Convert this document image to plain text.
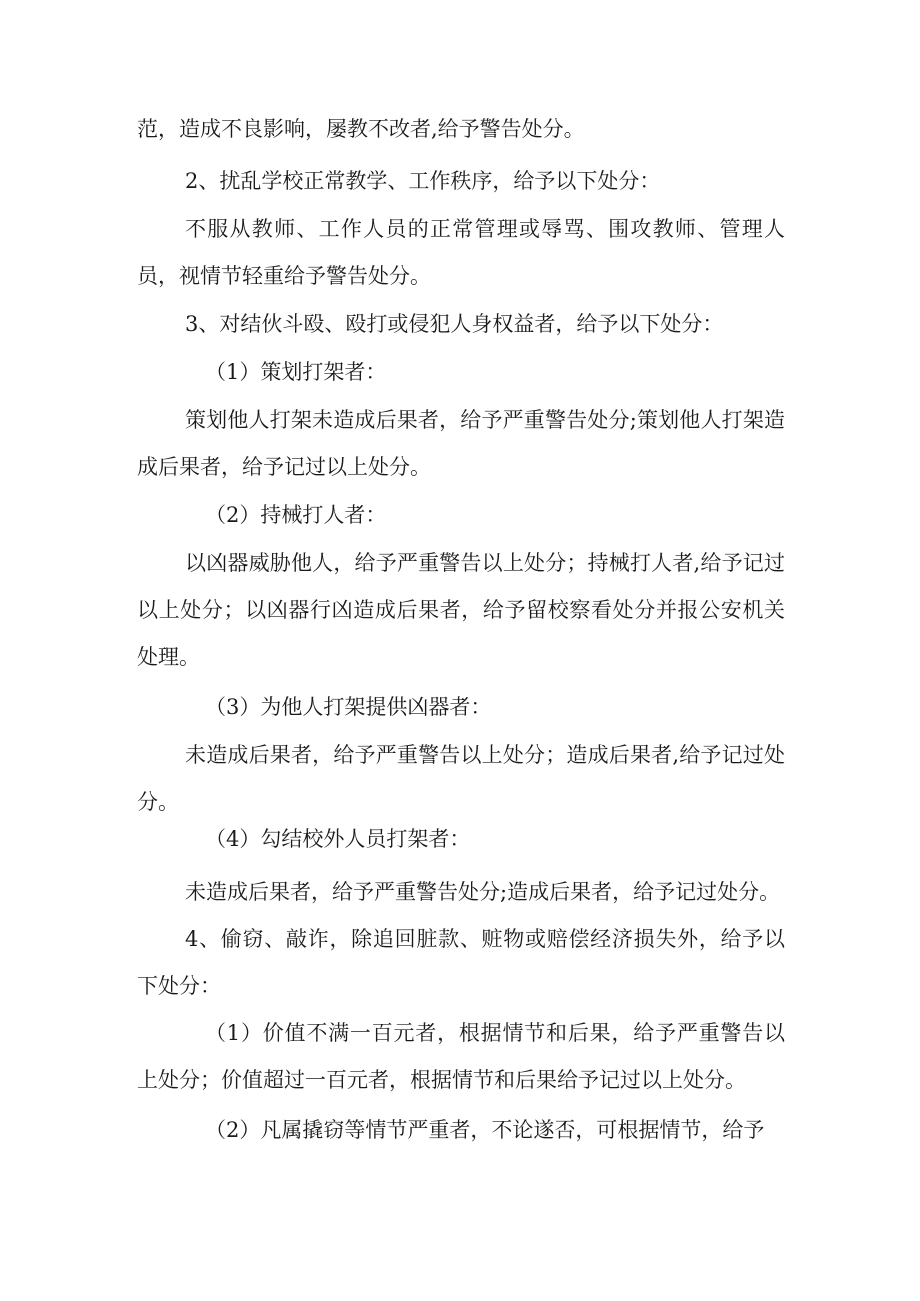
范，造成不良影响，屡教不改者,给予警告处分。

2、扰乱学校正常教学、工作秩序，给予以下处分：

不服从教师、工作人员的正常管理或辱骂、围攻教师、管理人员，视情节轻重给予警告处分。

3、对结伙斗殴、殴打或侵犯人身权益者，给予以下处分：

（1）策划打架者：

策划他人打架未造成后果者，给予严重警告处分;策划他人打架造成后果者，给予记过以上处分。

（2）持械打人者：

以凶器威胁他人，给予严重警告以上处分；持械打人者,给予记过以上处分；以凶器行凶造成后果者，给予留校察看处分并报公安机关处理。

（3）为他人打架提供凶器者：

未造成后果者，给予严重警告以上处分；造成后果者,给予记过处分。

（4）勾结校外人员打架者：

未造成后果者，给予严重警告处分;造成后果者，给予记过处分。

4、偷窃、敲诈，除追回脏款、赃物或赔偿经济损失外，给予以下处分：

（1）价值不满一百元者，根据情节和后果，给予严重警告以上处分；价值超过一百元者，根据情节和后果给予记过以上处分。

（2）凡属撬窃等情节严重者，不论遂否，可根据情节，给予
